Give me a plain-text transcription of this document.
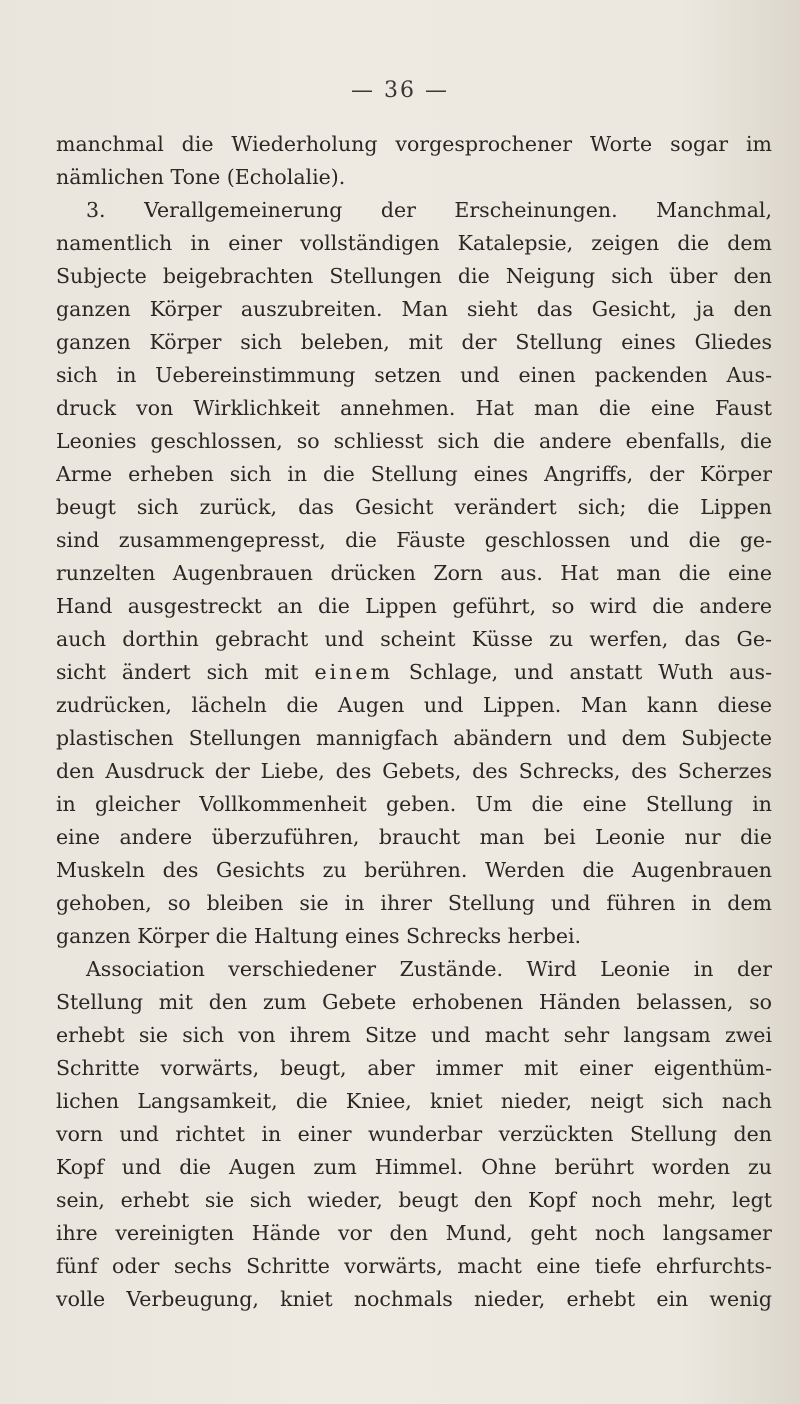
— 36 —
manchmal die Wiederholung vorgesprochener Worte sogar im
nämlichen Tone (Echolalie).
3. Verallgemeinerung der Erscheinungen. Manchmal,
namentlich in einer vollständigen Katalepsie, zeigen die dem
Subjecte beigebrachten Stellungen die Neigung sich über den
ganzen Körper auszubreiten. Man sieht das Gesicht, ja den
ganzen Körper sich beleben, mit der Stellung eines Gliedes
sich in Uebereinstimmung setzen und einen packenden Aus-
druck von Wirklichkeit annehmen. Hat man die eine Faust
Leonies geschlossen, so schliesst sich die andere ebenfalls, die
Arme erheben sich in die Stellung eines Angriffs, der Körper
beugt sich zurück, das Gesicht verändert sich; die Lippen
sind zusammengepresst, die Fäuste geschlossen und die ge-
runzelten Augenbrauen drücken Zorn aus. Hat man die eine
Hand ausgestreckt an die Lippen geführt, so wird die andere
auch dorthin gebracht und scheint Küsse zu werfen, das Ge-
sicht ändert sich mit einem Schlage, und anstatt Wuth aus-
zudrücken, lächeln die Augen und Lippen. Man kann diese
plastischen Stellungen mannigfach abändern und dem Subjecte
den Ausdruck der Liebe, des Gebets, des Schrecks, des Scherzes
in gleicher Vollkommenheit geben. Um die eine Stellung in
eine andere überzuführen, braucht man bei Leonie nur die
Muskeln des Gesichts zu berühren. Werden die Augenbrauen
gehoben, so bleiben sie in ihrer Stellung und führen in dem
ganzen Körper die Haltung eines Schrecks herbei.
Association verschiedener Zustände. Wird Leonie in der
Stellung mit den zum Gebete erhobenen Händen belassen, so
erhebt sie sich von ihrem Sitze und macht sehr langsam zwei
Schritte vorwärts, beugt, aber immer mit einer eigenthüm-
lichen Langsamkeit, die Kniee, kniet nieder, neigt sich nach
vorn und richtet in einer wunderbar verzückten Stellung den
Kopf und die Augen zum Himmel. Ohne berührt worden zu
sein, erhebt sie sich wieder, beugt den Kopf noch mehr, legt
ihre vereinigten Hände vor den Mund, geht noch langsamer
fünf oder sechs Schritte vorwärts, macht eine tiefe ehrfurchts-
volle Verbeugung, kniet nochmals nieder, erhebt ein wenig
